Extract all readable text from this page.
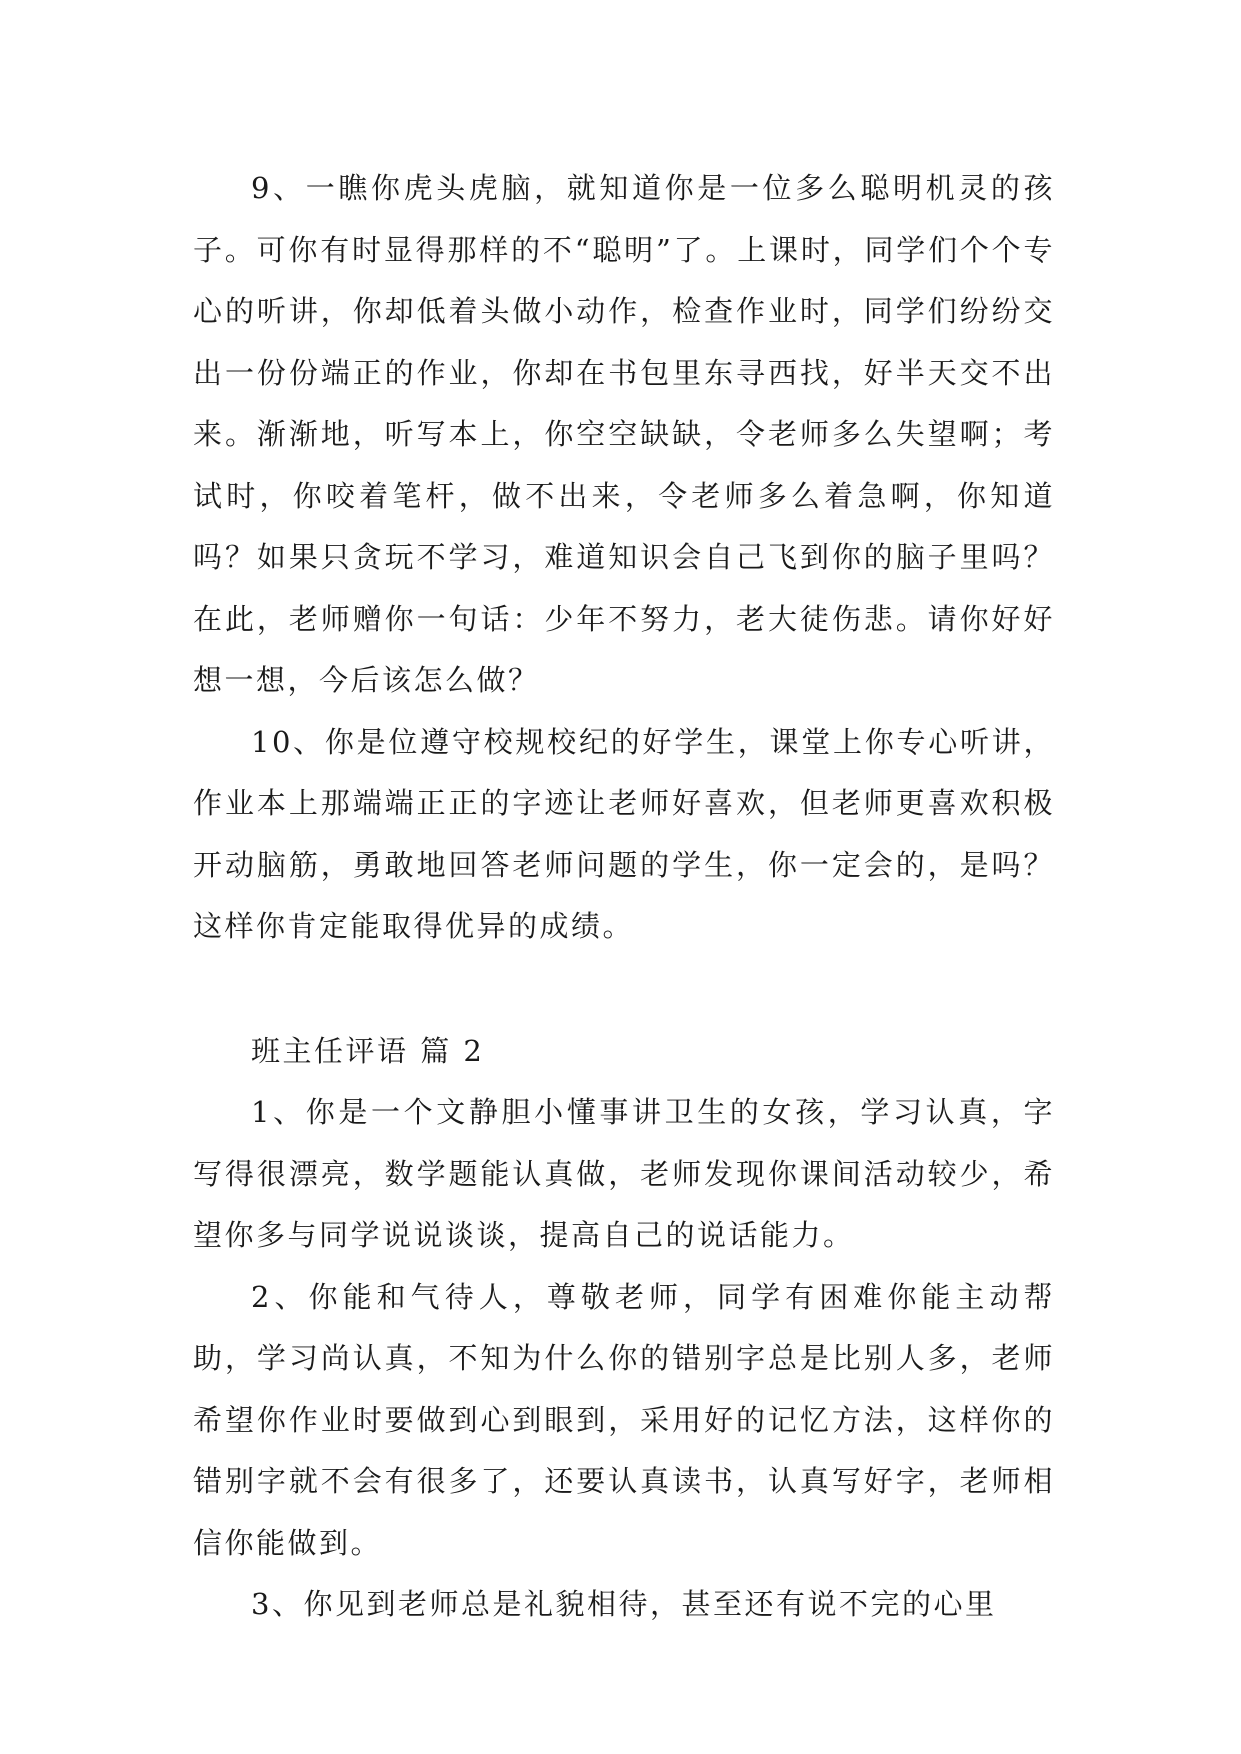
9、一瞧你虎头虎脑，就知道你是一位多么聪明机灵的孩子。可你有时显得那样的不“聪明”了。上课时，同学们个个专心的听讲，你却低着头做小动作，检查作业时，同学们纷纷交出一份份端正的作业，你却在书包里东寻西找，好半天交不出来。渐渐地，听写本上，你空空缺缺，令老师多么失望啊；考试时，你咬着笔杆，做不出来，令老师多么着急啊，你知道吗？如果只贪玩不学习，难道知识会自己飞到你的脑子里吗？在此，老师赠你一句话：少年不努力，老大徒伤悲。请你好好想一想，今后该怎么做？

10、你是位遵守校规校纪的好学生，课堂上你专心听讲，作业本上那端端正正的字迹让老师好喜欢，但老师更喜欢积极开动脑筋，勇敢地回答老师问题的学生，你一定会的，是吗？这样你肯定能取得优异的成绩。

班主任评语 篇 2

1、你是一个文静胆小懂事讲卫生的女孩，学习认真，字写得很漂亮，数学题能认真做，老师发现你课间活动较少，希望你多与同学说说谈谈，提高自己的说话能力。

2、你能和气待人，尊敬老师，同学有困难你能主动帮助，学习尚认真，不知为什么你的错别字总是比别人多，老师希望你作业时要做到心到眼到，采用好的记忆方法，这样你的错别字就不会有很多了，还要认真读书，认真写好字，老师相信你能做到。

3、你见到老师总是礼貌相待，甚至还有说不完的心里
